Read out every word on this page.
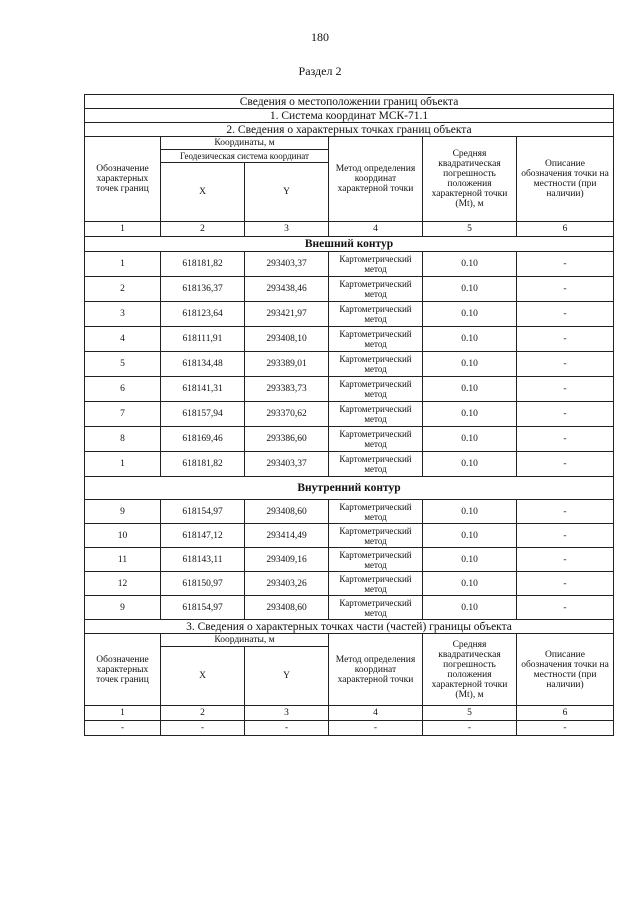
180
Раздел 2
Сведения о местоположении границ объекта					
1. Система координат МСК-71.1					
2. Сведения о характерных точках границ объекта					
Обозначение характерных точек границ	Координаты, м		Метод определения координат характерной точки	Средняя квадратическая погрешность положения характерной точки (Mt), м	Описание обозначения точки на местности (при наличии)
	Геодезическая система координат				
	X	Y			
1	2	3	4	5	6
Внешний контур					
1	618181,82	293403,37	Картометрический метод	0.10	-
2	618136,37	293438,46	Картометрический метод	0.10	-
3	618123,64	293421,97	Картометрический метод	0.10	-
4	618111,91	293408,10	Картометрический метод	0.10	-
5	618134,48	293389,01	Картометрический метод	0.10	-
6	618141,31	293383,73	Картометрический метод	0.10	-
7	618157,94	293370,62	Картометрический метод	0.10	-
8	618169,46	293386,60	Картометрический метод	0.10	-
1	618181,82	293403,37	Картометрический метод	0.10	-
Внутренний контур					
9	618154,97	293408,60	Картометрический метод	0.10	-
10	618147,12	293414,49	Картометрический метод	0.10	-
11	618143,11	293409,16	Картометрический метод	0.10	-
12	618150,97	293403,26	Картометрический метод	0.10	-
9	618154,97	293408,60	Картометрический метод	0.10	-
3. Сведения о характерных точках части (частей) границы объекта					
Обозначение характерных точек границ	Координаты, м		Метод определения координат характерной точки	Средняя квадратическая погрешность положения характерной точки (Mt), м	Описание обозначения точки на местности (при наличии)
	X	Y			
1	2	3	4	5	6
-	-	-	-	-	-
